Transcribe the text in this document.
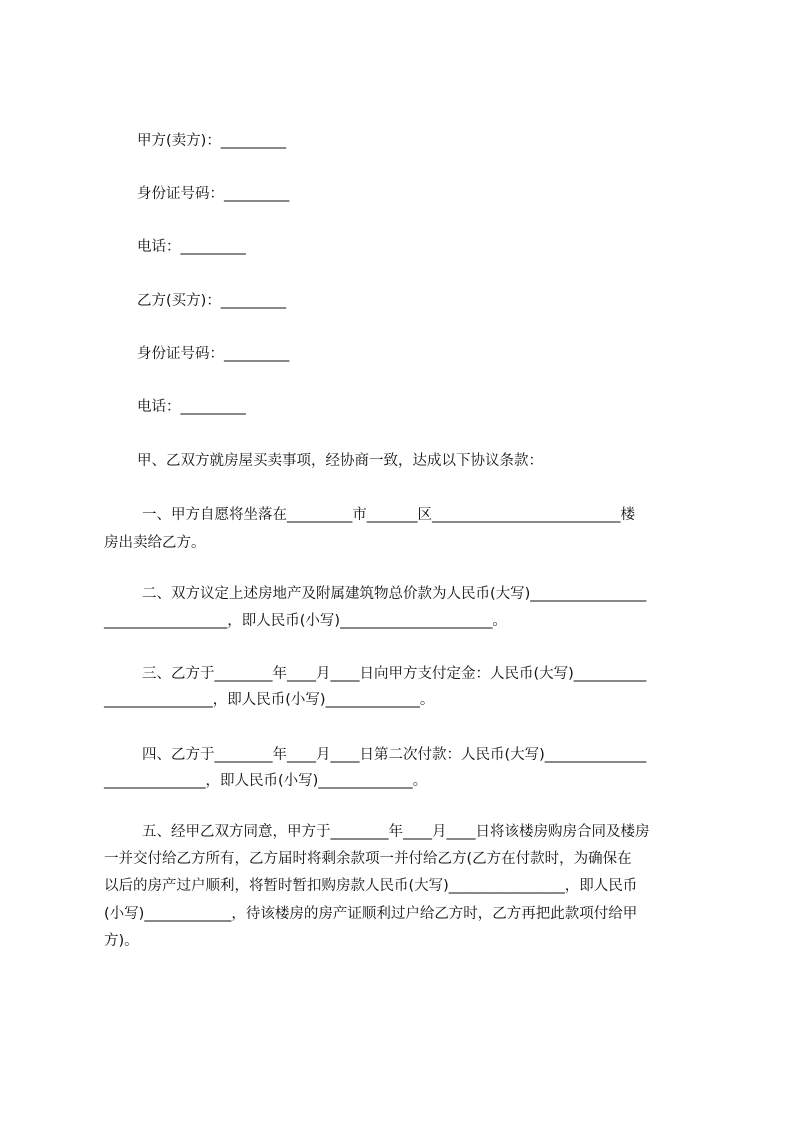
甲方(卖方)：_________
身份证号码：_________
电话：_________
乙方(买方)：_________
身份证号码：_________
电话：_________
甲、乙双方就房屋买卖事项，经协商一致，达成以下协议条款：
一、甲方自愿将坐落在_________市_______区__________________________楼
房出卖给乙方。
二、双方议定上述房地产及附属建筑物总价款为人民币(大写)________________
_________________，即人民币(小写)_____________________。
三、乙方于________年____月____日向甲方支付定金：人民币(大写)__________
_______________，即人民币(小写)_____________。
四、乙方于________年____月____日第二次付款：人民币(大写)______________
______________，即人民币(小写)_____________。
五、经甲乙双方同意，甲方于________年____月____日将该楼房购房合同及楼房
一并交付给乙方所有，乙方届时将剩余款项一并付给乙方(乙方在付款时，为确保在
以后的房产过户顺利，将暂时暂扣购房款人民币(大写)________________，即人民币
(小写)____________，待该楼房的房产证顺利过户给乙方时，乙方再把此款项付给甲
方)。
